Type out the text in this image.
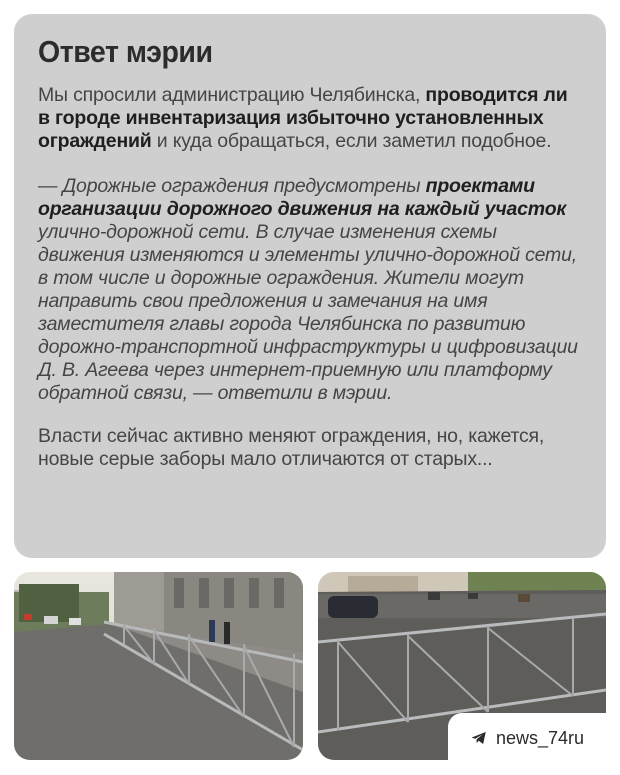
Ответ мэрии

Мы спросили администрацию Челябинска, проводится ли в городе инвентаризация избыточно установленных ограждений и куда обращаться, если заметил подобное.

— Дорожные ограждения предусмотрены проектами организации дорожного движения на каждый участок улично-дорожной сети. В случае изменения схемы движения изменяются и элементы улично-дорожной сети, в том числе и дорожные ограждения. Жители могут направить свои предложения и замечания на имя заместителя главы города Челябинска по развитию дорожно-транспортной инфраструктуры и цифровизации Д. В. Агеева через интернет-приемную или платформу обратной связи, — ответили в мэрии.

Власти сейчас активно меняют ограждения, но, кажется, новые серые заборы мало отличаются от старых...

news_74ru
